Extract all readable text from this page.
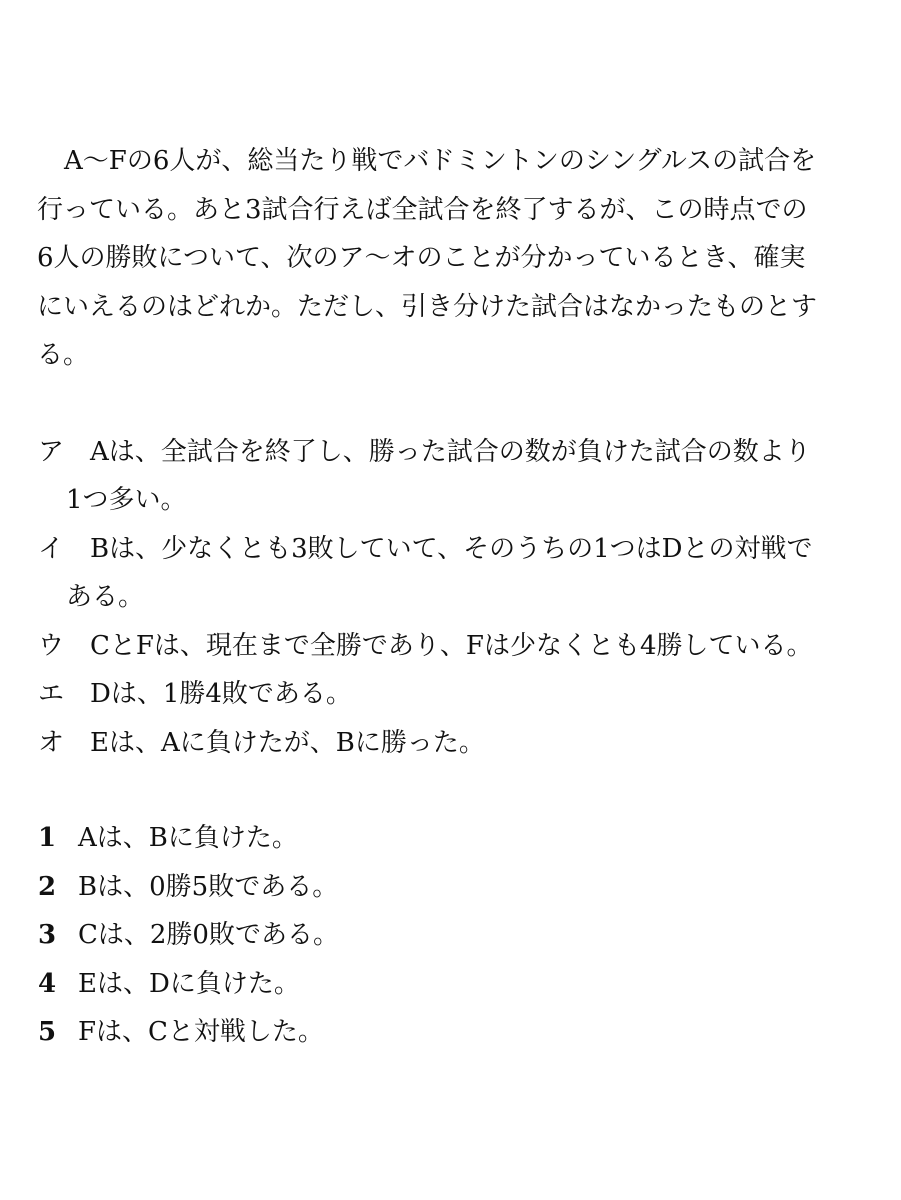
A〜Fの6人が、総当たり戦でバドミントンのシングルスの試合を

行っている。あと3試合行えば全試合を終了するが、この時点での

6人の勝敗について、次のア〜オのことが分かっているとき、確実

にいえるのはどれか。ただし、引き分けた試合はなかったものとす

る。

ア Aは、全試合を終了し、勝った試合の数が負けた試合の数より
1つ多い。
イ Bは、少なくとも3敗していて、そのうちの1つはDとの対戦で
ある。
ウ CとFは、現在まで全勝であり、Fは少なくとも4勝している。
エ Dは、1勝4敗である。
オ Eは、Aに負けたが、Bに勝った。
1 Aは、Bに負けた。
2 Bは、0勝5敗である。
3 Cは、2勝0敗である。
4 Eは、Dに負けた。
5 Fは、Cと対戦した。
